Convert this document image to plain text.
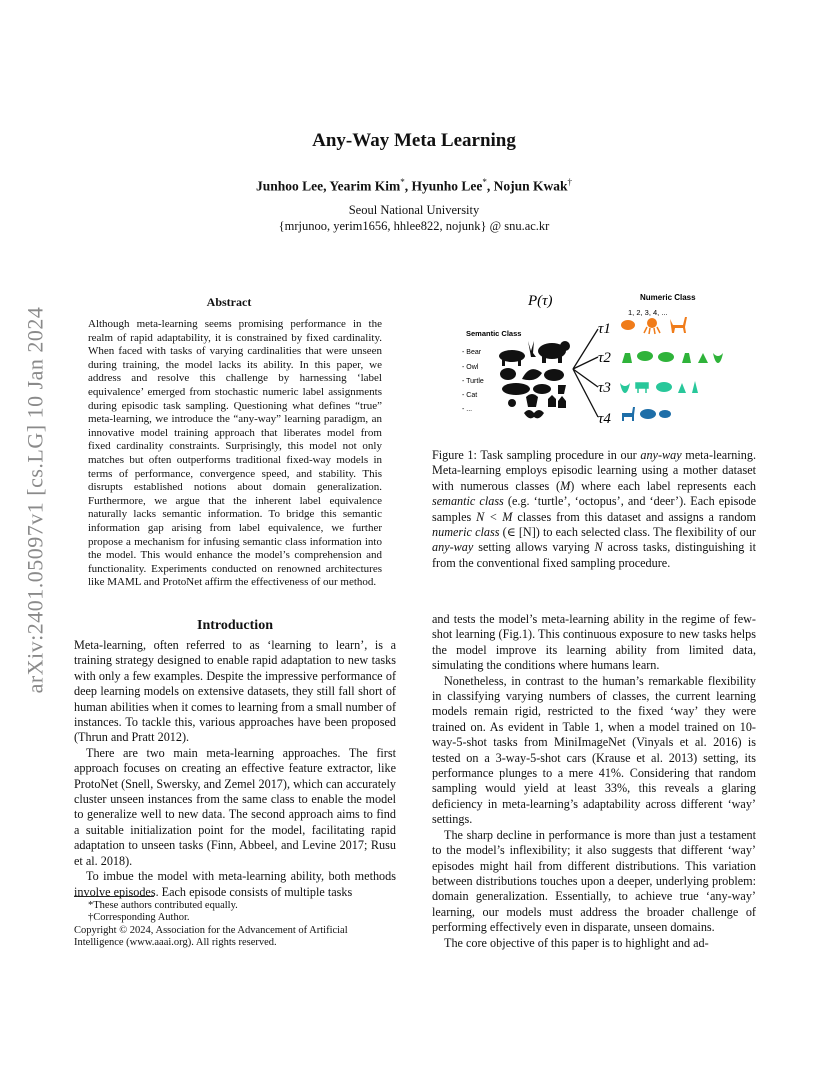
arXiv:2401.05097v1 [cs.LG] 10 Jan 2024
Any-Way Meta Learning
Junhoo Lee, Yearim Kim*, Hyunho Lee*, Nojun Kwak†
Seoul National University
{mrjunoo, yerim1656, hhlee822, nojunk} @ snu.ac.kr
Abstract
Although meta-learning seems promising performance in the realm of rapid adaptability, it is constrained by fixed cardinality. When faced with tasks of varying cardinalities that were unseen during training, the model lacks its ability. In this paper, we address and resolve this challenge by harnessing ‘label equivalence’ emerged from stochastic numeric label assignments during episodic task sampling. Questioning what defines “true” meta-learning, we introduce the “any-way” learning paradigm, an innovative model training approach that liberates model from fixed cardinality constraints. Surprisingly, this model not only matches but often outperforms traditional fixed-way models in terms of performance, convergence speed, and stability. This disrupts established notions about domain generalization. Furthermore, we argue that the inherent label equivalence naturally lacks semantic information. To bridge this semantic information gap arising from label equivalence, we further propose a mechanism for infusing semantic class information into the model. This would enhance the model’s comprehension and functionality. Experiments conducted on renowned architectures like MAML and ProtoNet affirm the effectiveness of our method.
Introduction

Meta-learning, often referred to as ‘learning to learn’, is a training strategy designed to enable rapid adaptation to new tasks with only a few examples. Despite the impressive performance of deep learning models on extensive datasets, they still fall short of human abilities when it comes to learning from a small number of instances. To tackle this, various approaches have been proposed (Thrun and Pratt 2012).

There are two main meta-learning approaches. The first approach focuses on creating an effective feature extractor, like ProtoNet (Snell, Swersky, and Zemel 2017), which can accurately cluster unseen instances from the same class to enable the model to generalize well to new data. The second approach aims to find a suitable initialization point for the model, facilitating rapid adaptation to unseen tasks (Finn, Abbeel, and Levine 2017; Rusu et al. 2018).

To imbue the model with meta-learning ability, both methods involve episodes. Each episode consists of multiple tasks

*These authors contributed equally.
†Corresponding Author.
Copyright © 2024, Association for the Advancement of Artificial Intelligence (www.aaai.org). All rights reserved.
P(τ)	Numeric Class
1, 2, 3, 4, ...
Semantic Class
- Bear
- Owl
- Turtle
- Cat
- ...
τ1
τ2
τ3
τ4
Figure 1: Task sampling procedure in our any-way meta-learning. Meta-learning employs episodic learning using a mother dataset with numerous classes (M) where each label represents each semantic class (e.g. ‘turtle’, ‘octopus’, and ‘deer’). Each episode samples N < M classes from this dataset and assigns a random numeric class (∈ [N]) to each selected class. The flexibility of our any-way setting allows varying N across tasks, distinguishing it from the conventional fixed sampling procedure.

and tests the model’s meta-learning ability in the regime of few-shot learning (Fig.1). This continuous exposure to new tasks helps the model improve its learning ability from limited data, simulating the conditions where humans learn.

Nonetheless, in contrast to the human’s remarkable flexibility in classifying varying numbers of classes, the current learning models remain rigid, restricted to the fixed ‘way’ they were trained on. As evident in Table 1, when a model trained on 10-way-5-shot tasks from MiniImageNet (Vinyals et al. 2016) is tested on a 3-way-5-shot cars (Krause et al. 2013) setting, its performance plunges to a mere 41%. Considering that random sampling would yield at least 33%, this reveals a glaring deficiency in meta-learning’s adaptability across different ‘way’ settings.

The sharp decline in performance is more than just a testament to the model’s inflexibility; it also suggests that different ‘way’ episodes might hail from different distributions. This variation between distributions touches upon a deeper, underlying problem: domain generalization. Essentially, to achieve true ‘any-way’ learning, our models must address the broader challenge of performing effectively even in disparate, unseen domains.

The core objective of this paper is to highlight and ad-
